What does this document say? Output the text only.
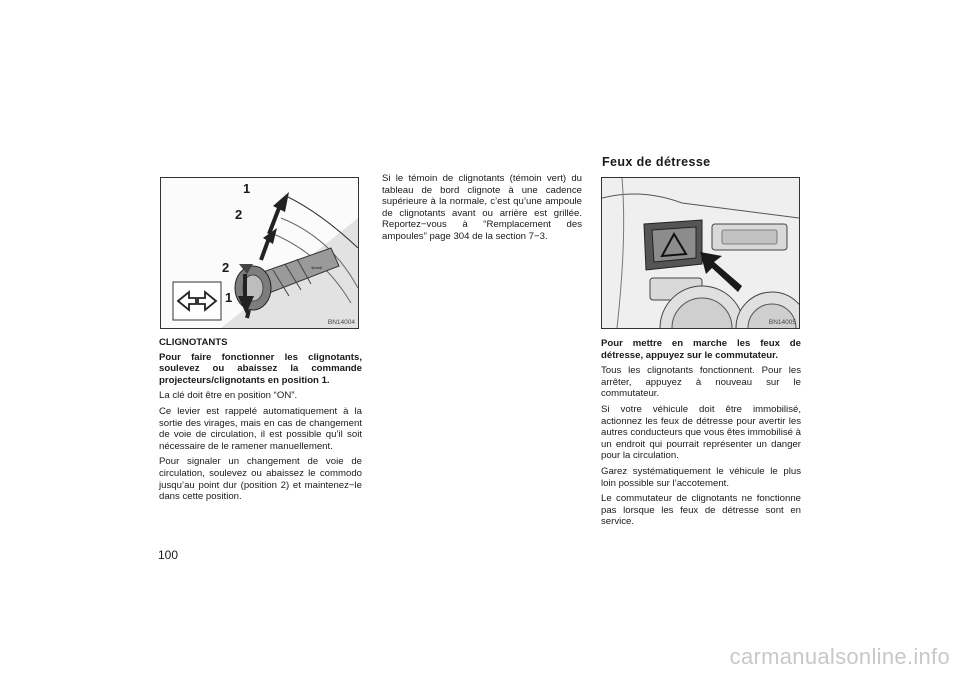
⇦⇨
1
2
2
1
BN14004

CLIGNOTANTS

Pour faire fonctionner les clignotants, soulevez ou abaissez la commande projecteurs/clignotants en position 1.

La clé doit être en position “ON”.

Ce levier est rappelé automatiquement à la sortie des virages, mais en cas de changement de voie de circulation, il est possible qu’il soit nécessaire de le ramener manuellement.

Pour signaler un changement de voie de circulation, soulevez ou abaissez le commodo jusqu’au point dur (position 2) et maintenez−le dans cette position.

Si le témoin de clignotants (témoin vert) du tableau de bord clignote à une cadence supérieure à la normale, c’est qu’une ampoule de clignotants avant ou arrière est grillée. Reportez−vous à “Remplacement des ampoules” page 304 de la section 7−3.

Feux de détresse
BN14005

Pour mettre en marche les feux de détresse, appuyez sur le commutateur.

Tous les clignotants fonctionnent. Pour les arrêter, appuyez à nouveau sur le commutateur.

Si votre véhicule doit être immobilisé, actionnez les feux de détresse pour avertir les autres conducteurs que vous êtes immobilisé à un endroit qui pourrait représenter un danger pour la circulation.

Garez systématiquement le véhicule le plus loin possible sur l’accotement.

Le commutateur de clignotants ne fonctionne pas lorsque les feux de détresse sont en service.

100
carmanualsonline.info
